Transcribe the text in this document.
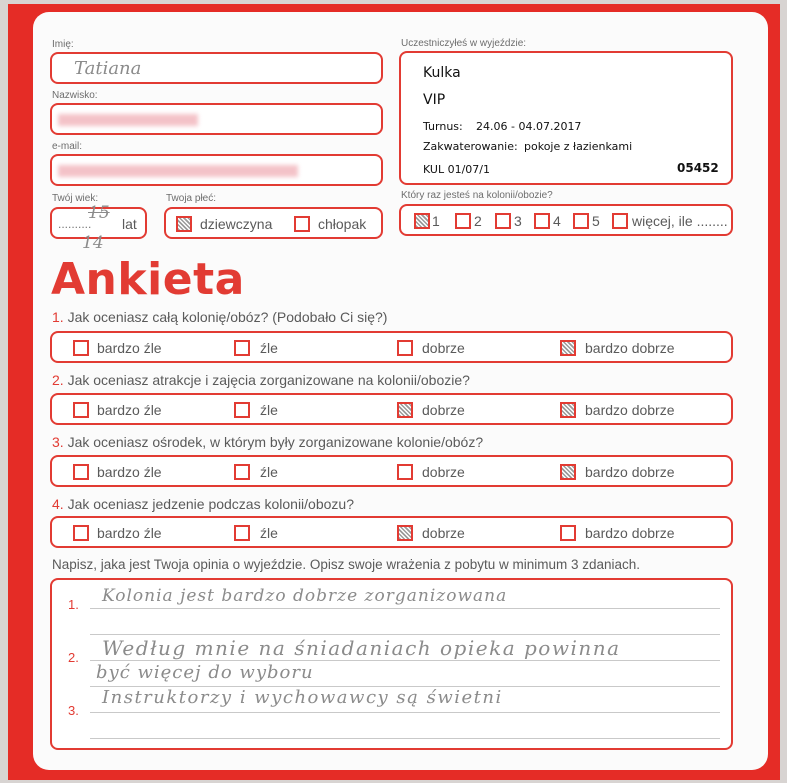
Imię:
Tatiana
Nazwisko:
e-mail:
Twój wiek:
..........
15
lat
14
Twoja płeć:
dziewczyna	chłopak
Uczestniczyłeś w wyjeździe:
Kulka
VIP
Turnus: 24.06 - 04.07.2017
Zakwaterowanie: pokoje z łazienkami
KUL 01/07/1	05452
Który raz jesteś na kolonii/obozie?
1 2 3 4 5 więcej, ile ........
Ankieta
1. Jak oceniasz całą kolonię/obóz? (Podobało Ci się?)
bardzo źle	źle	dobrze	bardzo dobrze
2. Jak oceniasz atrakcje i zajęcia zorganizowane na kolonii/obozie?
bardzo źle	źle	dobrze	bardzo dobrze
3. Jak oceniasz ośrodek, w którym były zorganizowane kolonie/obóz?
bardzo źle	źle	dobrze	bardzo dobrze
4. Jak oceniasz jedzenie podczas kolonii/obozu?
bardzo źle	źle	dobrze	bardzo dobrze
Napisz, jaka jest Twoja opinia o wyjeździe. Opisz swoje wrażenia z pobytu w minimum 3 zdaniach.
1. Kolonia jest bardzo dobrze zorganizowana
2. Według mnie na śniadaniach opieka powinna
być więcej do wyboru
3.
Instruktorzy i wychowawcy są świetni
